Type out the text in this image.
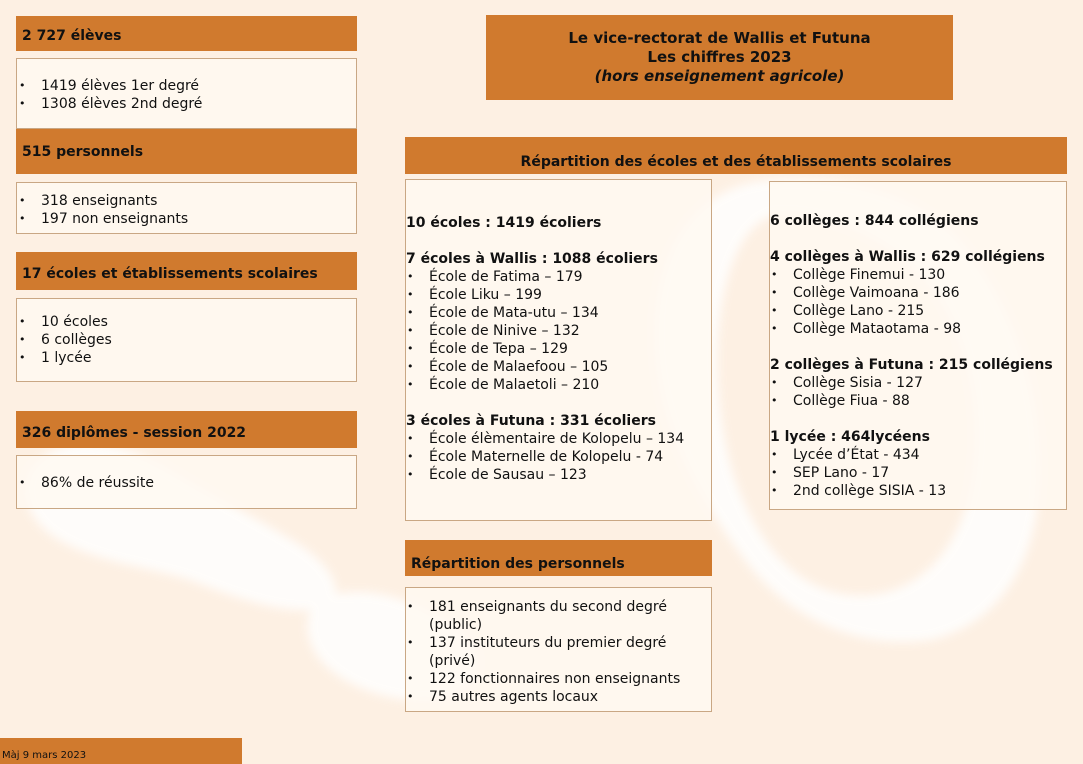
2 727 élèves
• 1419 élèves 1er degré
• 1308 élèves 2nd degré
515 personnels
• 318 enseignants
• 197 non enseignants
17 écoles et établissements scolaires
• 10 écoles
• 6 collèges
• 1 lycée
326 diplômes - session 2022
• 86% de réussite
Le vice-rectorat de Wallis et Futuna
Les chiffres 2023
(hors enseignement agricole)
Répartition des écoles et des établissements scolaires
10 écoles : 1419 écoliers
7 écoles à Wallis : 1088 écoliers
• École de Fatima – 179
• École Liku – 199
• École de Mata-utu – 134
• École de Ninive – 132
• École de Tepa – 129
• École de Malaefoou – 105
• École de Malaetoli – 210
3 écoles à Futuna : 331 écoliers
• École élèmentaire de Kolopelu – 134
• École Maternelle de Kolopelu - 74
• École de Sausau – 123
6 collèges : 844 collégiens
4 collèges à Wallis : 629 collégiens
• Collège Finemui - 130
• Collège Vaimoana - 186
• Collège Lano - 215
• Collège Mataotama - 98
2 collèges à Futuna : 215 collégiens
• Collège Sisia - 127
• Collège Fiua - 88
1 lycée : 464lycéens
• Lycée d’État - 434
• SEP Lano - 17
• 2nd collège SISIA - 13
Répartition des personnels
• 181 enseignants du second degré (public)
• 137 instituteurs du premier degré (privé)
• 122 fonctionnaires non enseignants
• 75 autres agents locaux
Màj 9 mars 2023
